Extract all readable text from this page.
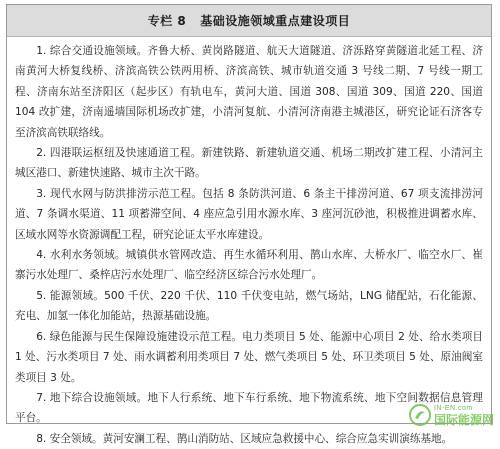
专栏 8 基础设施领域重点建设项目

1. 综合交通设施领域。齐鲁大桥、黄岗路隧道、航天大道隧道、济泺路穿黄隧道北延工程、济南黄河大桥复线桥、济滨高铁公铁两用桥、济滨高铁、城市轨道交通 3 号线二期、7 号线一期工程、济南东站至济阳区（起步区）有轨电车，黄河大道、国道 308、国道 309、国道 220、国道 104 改扩建，济南遥墙国际机场改扩建，小清河复航、小清河济南港主城港区，研究论证石济客专至济滨高铁联络线。

2. 四港联运枢纽及快速通道工程。新建铁路、新建轨道交通、机场二期改扩建工程、小清河主城区港口、新建快速路、城市主次干路。

3. 现代水网与防洪排涝示范工程。包括 8 条防洪河道、6 条主干排涝河道、67 项支流排涝河道、7 条调水渠道、11 项蓄滞空间、4 座应急引用水源水库、3 座河沉砂池，积极推进调蓄水库、区域水网等水资源调配工程，研究论证太平水库建设。

4. 水利水务领域。城镇供水管网改造、再生水循环利用、鹊山水库、大桥水厂、临空水厂、崔寨污水处理厂、桑梓店污水处理厂、临空经济区综合污水处理厂。

5. 能源领域。500 千伏、220 千伏、110 千伏变电站，燃气场站，LNG 储配站，石化能源、充电、加氢一体化加能站，热源基础设施。

6. 绿色能源与民生保障设施建设示范工程。电力类项目 5 处、能源中心项目 2 处、给水类项目 1 处、污水类项目 7 处、雨水调蓄利用类项目 7 处、燃气类项目 5 处、环卫类项目 5 处、原油阀室类项目 3 处。

7. 地下综合设施领域。地下人行系统、地下车行系统、地下物流系统、地下空间数据信息管理平台。

8. 安全领域。黄河安澜工程、鹊山消防站、区域应急救援中心、综合应急实训演练基地。

IN-EN.com
国际能源网
